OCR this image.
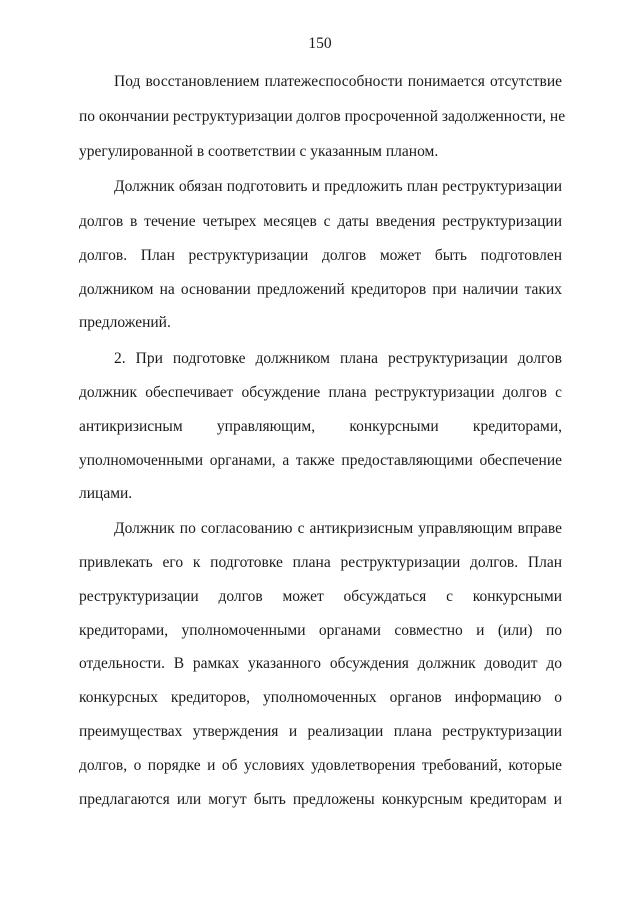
150
Под восстановлением платежеспособности понимается отсутствие
по окончании реструктуризации долгов просроченной задолженности, не
урегулированной в соответствии с указанным планом.
Должник обязан подготовить и предложить план реструктуризации
долгов в течение четырех месяцев с даты введения реструктуризации
долгов. План реструктуризации долгов может быть подготовлен
должником на основании предложений кредиторов при наличии таких
предложений.
2. При подготовке должником плана реструктуризации долгов
должник обеспечивает обсуждение плана реструктуризации долгов с
антикризисным управляющим, конкурсными кредиторами,
уполномоченными органами, а также предоставляющими обеспечение
лицами.
Должник по согласованию с антикризисным управляющим вправе
привлекать его к подготовке плана реструктуризации долгов. План
реструктуризации долгов может обсуждаться с конкурсными
кредиторами, уполномоченными органами совместно и (или) по
отдельности. В рамках указанного обсуждения должник доводит до
конкурсных кредиторов, уполномоченных органов информацию о
преимуществах утверждения и реализации плана реструктуризации
долгов, о порядке и об условиях удовлетворения требований, которые
предлагаются или могут быть предложены конкурсным кредиторам и
